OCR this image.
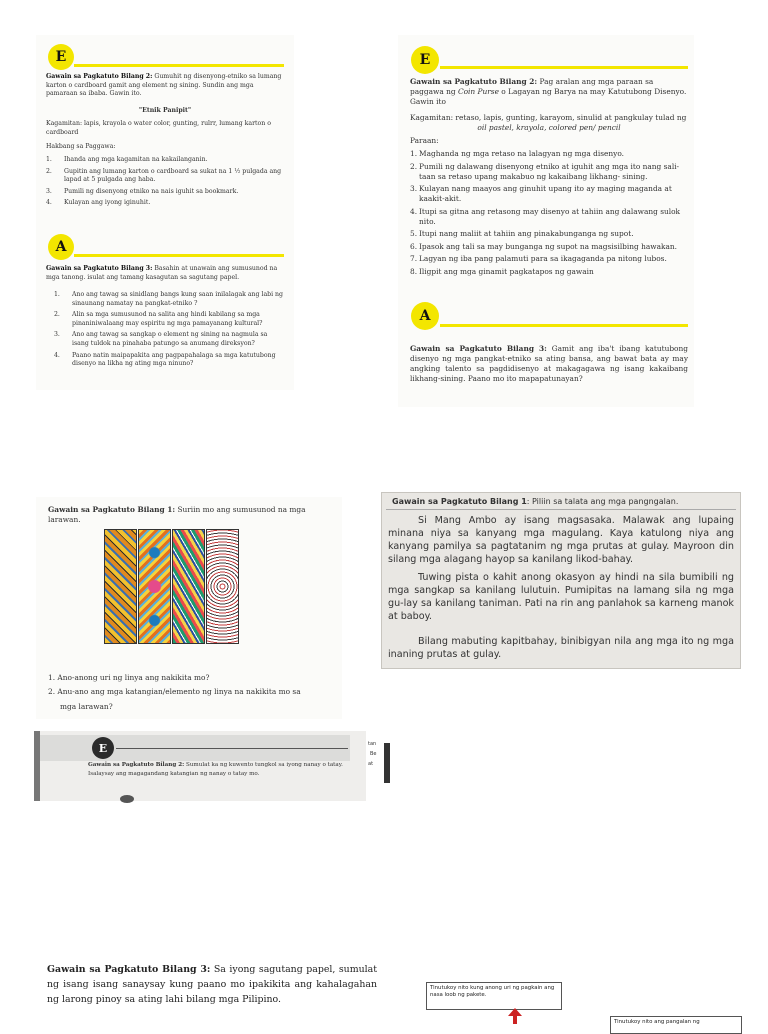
E
Gawain sa Pagkatuto Bilang 2: Gumuhit ng disenyong-etniko sa lumang karton o cardboard gamit ang element ng sining. Sundin ang mga pamaraan sa ibaba. Gawin ito.
"Etnik Panipit"
Kagamitan: lapis, krayola o water color, gunting, rulrr, lumang karton o cardboard
Hakbang sa Paggawa:
1.	Ihanda ang mga kagamitan na kakailanganin.
2.	Gupitin ang lumang karton o cardboard sa sukat na 1 ½ pulgada ang lapad at 5 pulgada ang haba.
3.	Pumili ng disenyong etniko na nais iguhit sa bookmark.
4.	Kulayan ang iyong iginuhit.
A
Gawain sa Pagkatuto Bilang 3: Basahin at unawain ang sumusunod na mga tanong. isulat ang tamang kasagutan sa sagutang papel.
1.	Ano ang tawag sa sinidlang bangs kung saan inilalagak ang labi ng sinaunang namatay na pangkat-etniko ?
2.	Alin sa mga sumusunod na salita ang hindi kabilang sa mga pinaniniwalaang may espiritu ng mga pamayanang kultural?
3.	Ano ang tawag sa sangkap o element ng sining na nagmula sa isang tuldok na pinahaba patungo sa anumang direksyon?
4.	Paano natin maipapakita ang pagpapahalaga sa mga katutubong disenyo na likha ng ating mga ninuno?
E
Gawain sa Pagkatuto Bilang 2: Pag aralan ang mga paraan sa paggawa ng Coin Purse o Lagayan ng Barya na may Katutubong Disenyo. Gawin ito
Kagamitan: retaso, lapis, gunting, karayom, sinulid at pangkulay tulad ng
oil pastel, krayola, colored pen/ pencil
Paraan:
1. Maghanda ng mga retaso na lalagyan ng mga disenyo.
2. Pumili ng dalawang disenyong etniko at iguhit ang mga ito nang sali-taan sa retaso upang makabuo ng kakaibang likhang- sining.
3. Kulayan nang maayos ang ginuhit upang ito ay maging maganda at kaakit-akit.
4. Itupi sa gitna ang retasong may disenyo at tahiin ang dalawang sulok nito.
5. Itupi nang maliit at tahiin ang pinakabunganga ng supot.
6. Ipasok ang tali sa may bunganga ng supot na magsisilbing hawakan.
7. Lagyan ng iba pang palamuti para sa ikagaganda pa nitong lubos.
8. Iligpit ang mga ginamit pagkatapos ng gawain
A
Gawain sa Pagkatuto Bilang 3: Gamit ang iba't ibang katutubong disenyo ng mga pangkat-etniko sa ating bansa, ang bawat bata ay may angking talento sa pagdidisenyo at makagagawa ng isang kakaibang likhang-sining. Paano mo ito mapapatunayan?
Gawain sa Pagkatuto Bilang 1: Suriin mo ang sumusunod na mga larawan.
1. Ano-anong uri ng linya ang nakikita mo?
2. Anu-ano ang mga katangian/elemento ng linya na nakikita mo sa
mga larawan?
Gawain sa Pagkatuto Bilang 1: Piliin sa talata ang mga pangngalan.
Si Mang Ambo ay isang magsasaka. Malawak ang lupaing minana niya sa kanyang mga magulang. Kaya katulong niya ang kanyang pamilya sa pagtatanim ng mga prutas at gulay. Mayroon din silang mga alagang hayop sa kanilang likod-bahay.
Tuwing pista o kahit anong okasyon ay hindi na sila bumibili ng mga sangkap sa kanilang lulutuin. Pumipitas na lamang sila ng mga gu-lay sa kanilang taniman. Pati na rin ang panlahok sa karneng manok at baboy.
Bilang mabuting kapitbahay, binibigyan nila ang mga ito ng mga inaning prutas at gulay.
E
Gawain sa Pagkatuto Bilang 2: Sumulat ka ng kuwento tungkol sa iyong nanay o tatay. Isalaysay ang magagandang katangian ng nanay o tatay mo.
tan
Be
at
Gawain sa Pagkatuto Bilang 3: Sa iyong sagutang papel, sumulat ng isang isang sanaysay kung paano mo ipakikita ang kahalagahan ng larong pinoy sa ating lahi bilang mga Pilipino.
Tinutukoy nito kung anong uri ng pagkain ang nasa loob ng pakete.
Tinutukoy nito ang pangalan ng
